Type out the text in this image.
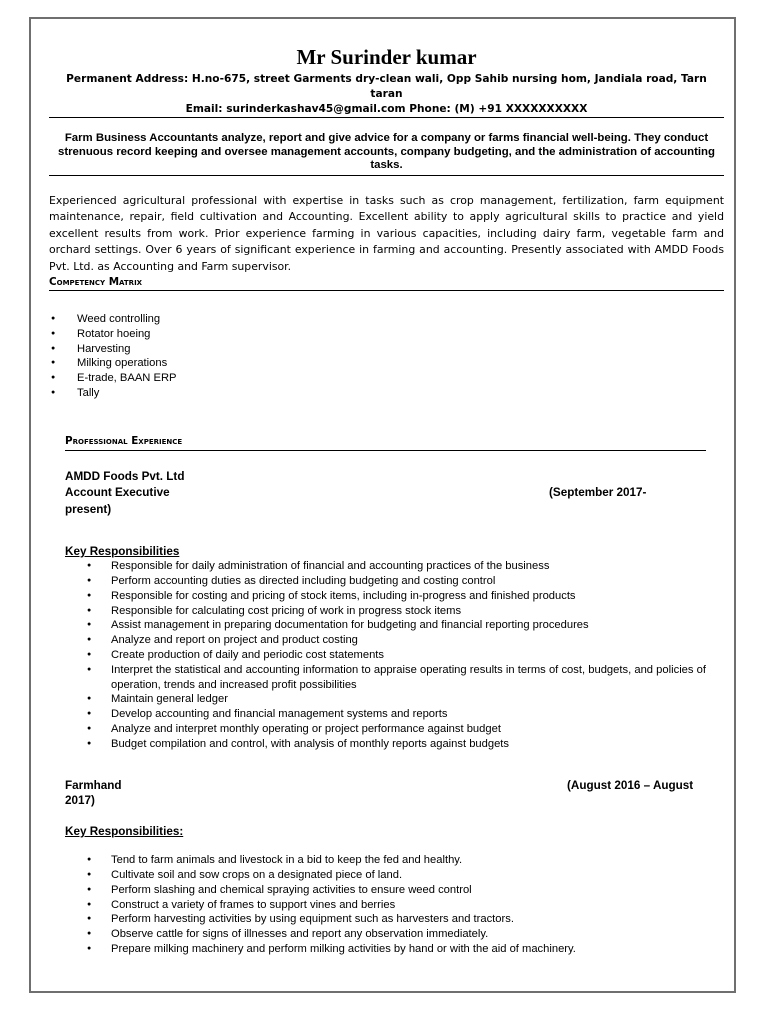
Mr Surinder kumar
Permanent Address: H.no-675, street Garments dry-clean wali, Opp Sahib nursing hom, Jandiala road, Tarn taran
Email: surinderkashav45@gmail.com Phone: (M) +91 XXXXXXXXXX
Farm Business Accountants analyze, report and give advice for a company or farms financial well-being. They conduct strenuous record keeping and oversee management accounts, company budgeting, and the administration of accounting tasks.
Experienced agricultural professional with expertise in tasks such as crop management, fertilization, farm equipment maintenance, repair, field cultivation and Accounting. Excellent ability to apply agricultural skills to practice and yield excellent results from work. Prior experience farming in various capacities, including dairy farm, vegetable farm and orchard settings. Over 6 years of significant experience in farming and accounting. Presently associated with AMDD Foods Pvt. Ltd. as Accounting and Farm supervisor.
Competency Matrix
● Weed controlling
● Rotator hoeing
● Harvesting
● Milking operations
● E-trade, BAAN ERP
● Tally
Professional Experience
AMDD Foods Pvt. Ltd
Account Executive	(September 2017-
present)
Key Responsibilities
● Responsible for daily administration of financial and accounting practices of the business
● Perform accounting duties as directed including budgeting and costing control
● Responsible for costing and pricing of stock items, including in-progress and finished products
● Responsible for calculating cost pricing of work in progress stock items
● Assist management in preparing documentation for budgeting and financial reporting procedures
● Analyze and report on project and product costing
● Create production of daily and periodic cost statements
● Interpret the statistical and accounting information to appraise operating results in terms of cost, budgets, and policies of operation, trends and increased profit possibilities
● Maintain general ledger
● Develop accounting and financial management systems and reports
● Analyze and interpret monthly operating or project performance against budget
● Budget compilation and control, with analysis of monthly reports against budgets
Farmhand	(August 2016 – August
2017)
Key Responsibilities:
● Tend to farm animals and livestock in a bid to keep the fed and healthy.
● Cultivate soil and sow crops on a designated piece of land.
● Perform slashing and chemical spraying activities to ensure weed control
● Construct a variety of frames to support vines and berries
● Perform harvesting activities by using equipment such as harvesters and tractors.
● Observe cattle for signs of illnesses and report any observation immediately.
● Prepare milking machinery and perform milking activities by hand or with the aid of machinery.
